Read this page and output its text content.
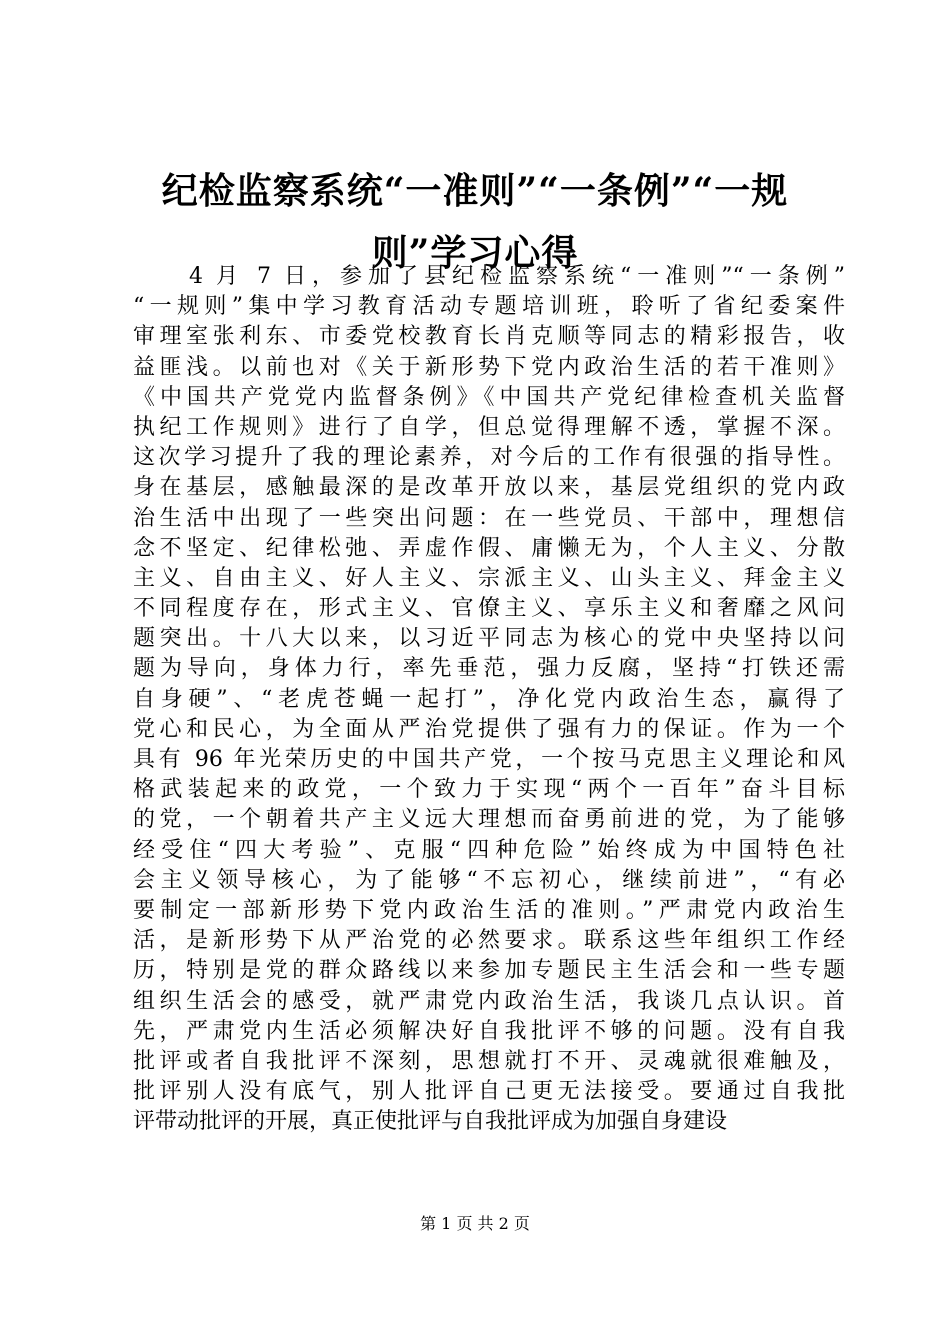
纪检监察系统“一准则”“一条例”“一规
则”学习心得
　　4 月 7 日，参加了县纪检监察系统“一准则”“一条例”
“一规则”集中学习教育活动专题培训班，聆听了省纪委案件
审理室张利东、市委党校教育长肖克顺等同志的精彩报告，收
益匪浅。以前也对《关于新形势下党内政治生活的若干准则》
《中国共产党党内监督条例》《中国共产党纪律检查机关监督
执纪工作规则》进行了自学，但总觉得理解不透，掌握不深。
这次学习提升了我的理论素养，对今后的工作有很强的指导性。
身在基层，感触最深的是改革开放以来，基层党组织的党内政
治生活中出现了一些突出问题：在一些党员、干部中，理想信
念不坚定、纪律松弛、弄虚作假、庸懒无为，个人主义、分散
主义、自由主义、好人主义、宗派主义、山头主义、拜金主义
不同程度存在，形式主义、官僚主义、享乐主义和奢靡之风问
题突出。十八大以来，以习近平同志为核心的党中央坚持以问
题为导向，身体力行，率先垂范，强力反腐，坚持“打铁还需
自身硬”、“老虎苍蝇一起打”，净化党内政治生态，赢得了
党心和民心，为全面从严治党提供了强有力的保证。作为一个
具有 96 年光荣历史的中国共产党，一个按马克思主义理论和风
格武装起来的政党，一个致力于实现“两个一百年”奋斗目标
的党，一个朝着共产主义远大理想而奋勇前进的党，为了能够
经受住“四大考验”、克服“四种危险”始终成为中国特色社
会主义领导核心，为了能够“不忘初心，继续前进”，“有必
要制定一部新形势下党内政治生活的准则。”严肃党内政治生
活，是新形势下从严治党的必然要求。联系这些年组织工作经
历，特别是党的群众路线以来参加专题民主生活会和一些专题
组织生活会的感受，就严肃党内政治生活，我谈几点认识。首
先，严肃党内生活必须解决好自我批评不够的问题。没有自我
批评或者自我批评不深刻，思想就打不开、灵魂就很难触及，
批评别人没有底气，别人批评自己更无法接受。要通过自我批
评带动批评的开展，真正使批评与自我批评成为加强自身建设
第 1 页 共 2 页
